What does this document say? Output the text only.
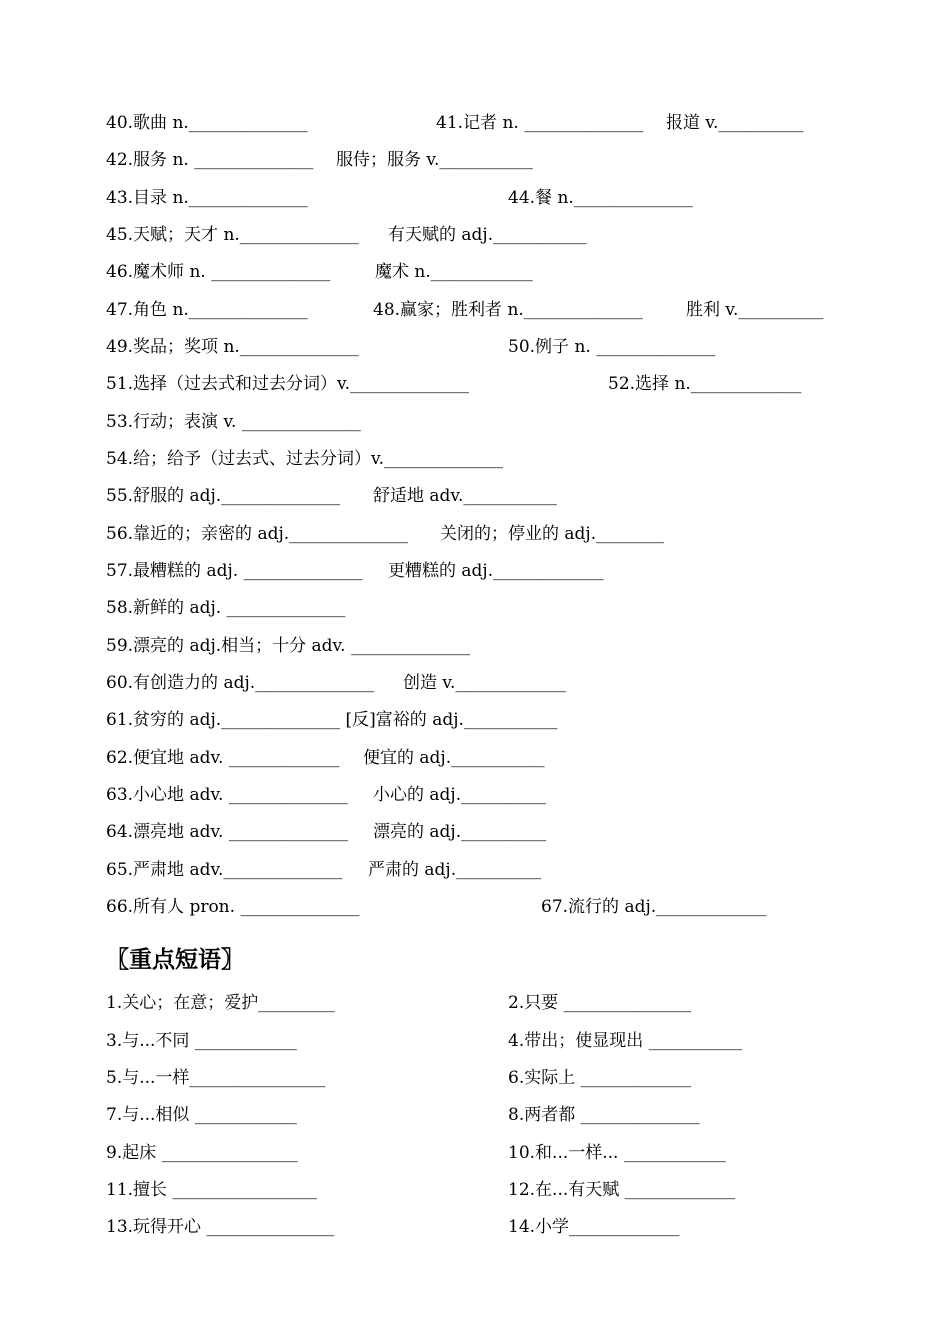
40.歌曲 n.______________	41.记者 n. ______________ 报道 v.__________
42.服务 n. ______________ 服侍；服务 v.___________
43.目录 n.______________	44.餐 n.______________
45.天赋；天才 n.______________ 有天赋的 adj.___________
46.魔术师 n. ______________	魔术 n.____________
47.角色 n.______________	48.赢家；胜利者 n.______________	胜利 v.__________
49.奖品；奖项 n.______________	50.例子 n. ______________
51.选择（过去式和过去分词）v.______________	52.选择 n._____________
53.行动；表演 v. ______________
54.给；给予（过去式、过去分词）v.______________
55.舒服的 adj.______________ 舒适地 adv.___________
56.靠近的；亲密的 adj.______________ 关闭的；停业的 adj.________
57.最糟糕的 adj. ______________ 更糟糕的 adj._____________
58.新鲜的 adj. ______________
59.漂亮的 adj.相当；十分 adv. ______________
60.有创造力的 adj.______________ 创造 v._____________
61.贫穷的 adj.______________ [反]富裕的 adj.___________
62.便宜地 adv. _____________ 便宜的 adj.___________
63.小心地 adv. ______________ 小心的 adj.__________
64.漂亮地 adv. ______________ 漂亮的 adj.__________
65.严肃地 adv.______________ 严肃的 adj.__________
66.所有人 pron. ______________	67.流行的 adj._____________
〖重点短语〗
1.关心；在意；爱护_________	2.只要 _______________
3.与...不同 ____________	4.带出；使显现出 ___________
5.与...一样________________	6.实际上 _____________
7.与...相似 ____________	8.两者都 ______________
9.起床 ________________	10.和...一样... ____________
11.擅长 _________________	12.在...有天赋 _____________
13.玩得开心 _______________	14.小学_____________
